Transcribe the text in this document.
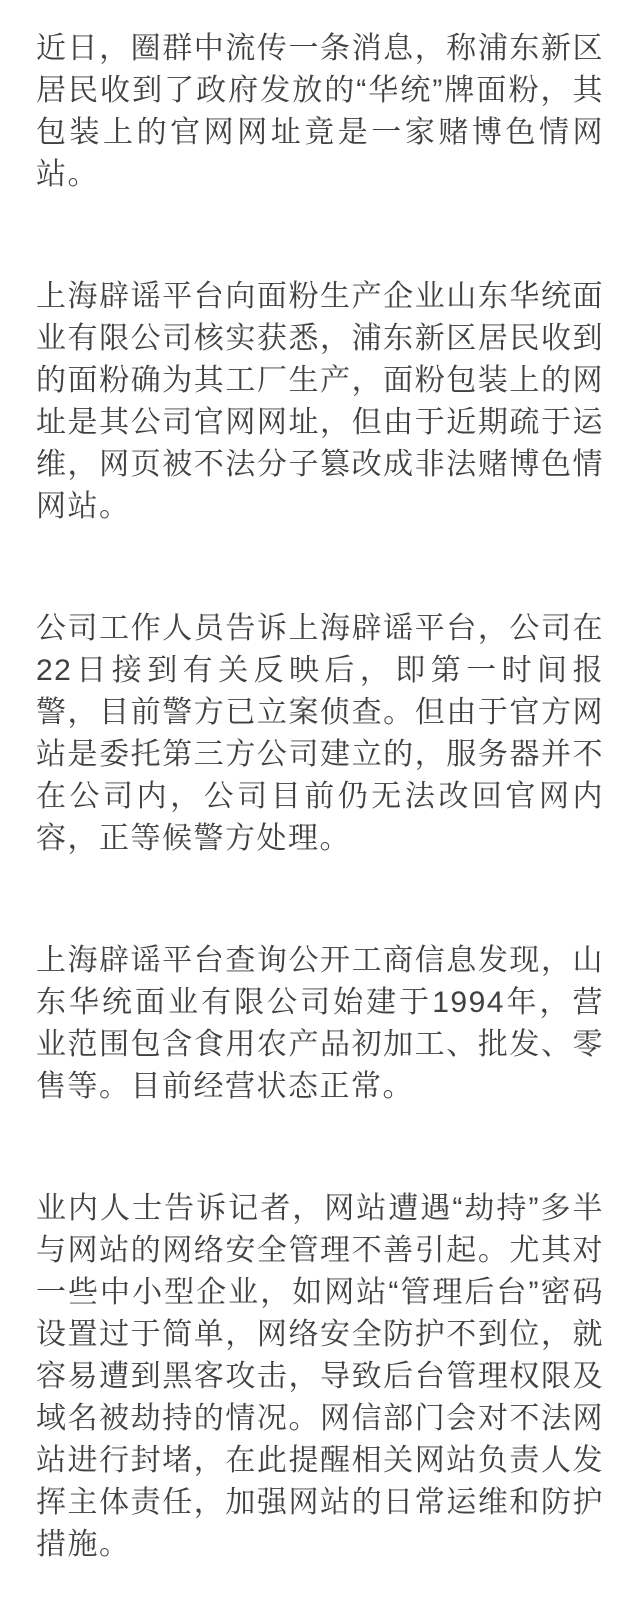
近日，圈群中流传一条消息，称浦东新区居民收到了政府发放的“华统”牌面粉，其包装上的官网网址竟是一家赌博色情网站。

上海辟谣平台向面粉生产企业山东华统面业有限公司核实获悉，浦东新区居民收到的面粉确为其工厂生产，面粉包装上的网址是其公司官网网址，但由于近期疏于运维，网页被不法分子篡改成非法赌博色情网站。

公司工作人员告诉上海辟谣平台，公司在22日接到有关反映后，即第一时间报警，目前警方已立案侦查。但由于官方网站是委托第三方公司建立的，服务器并不在公司内，公司目前仍无法改回官网内容，正等候警方处理。

上海辟谣平台查询公开工商信息发现，山东华统面业有限公司始建于1994年，营业范围包含食用农产品初加工、批发、零售等。目前经营状态正常。

业内人士告诉记者，网站遭遇“劫持”多半与网站的网络安全管理不善引起。尤其对一些中小型企业，如网站“管理后台”密码设置过于简单，网络安全防护不到位，就容易遭到黑客攻击，导致后台管理权限及域名被劫持的情况。网信部门会对不法网站进行封堵，在此提醒相关网站负责人发挥主体责任，加强网站的日常运维和防护措施。
